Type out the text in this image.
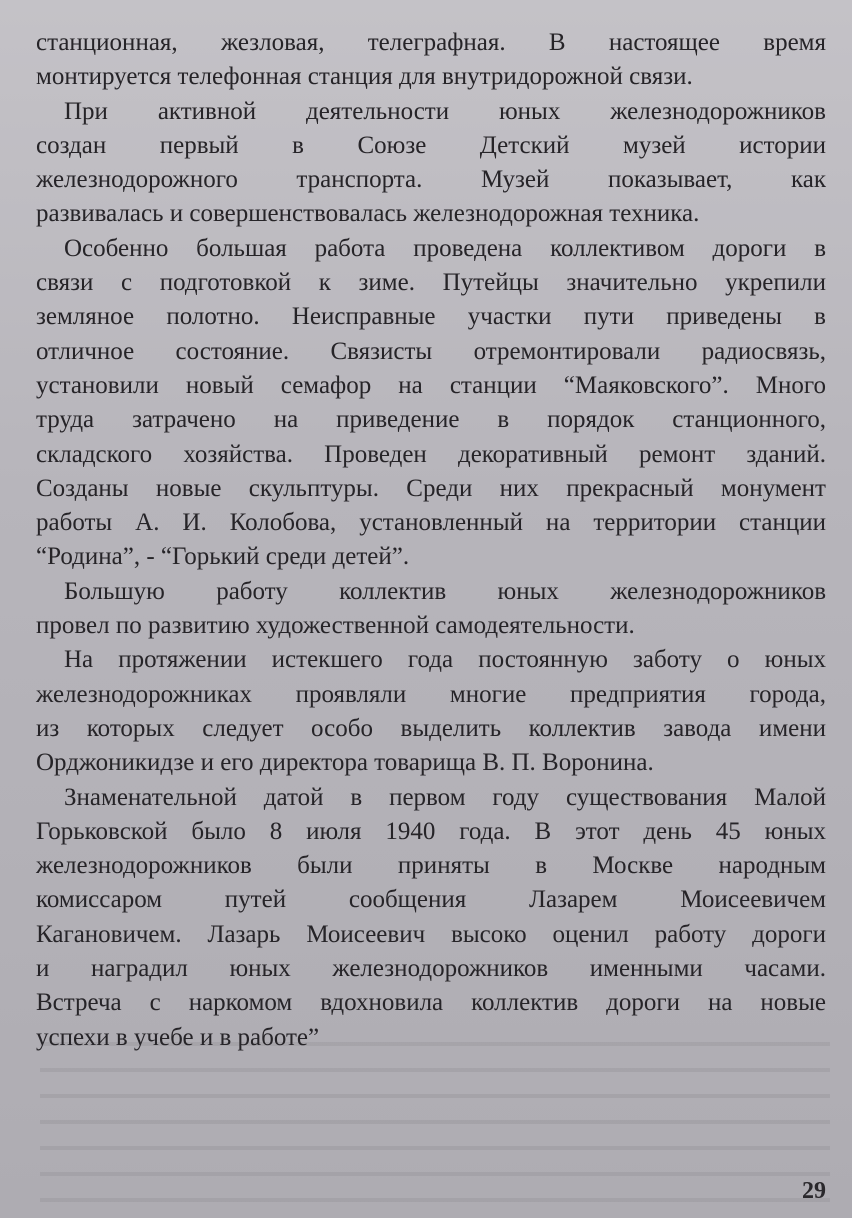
станционная, жезловая, телеграфная. В настоящее время
монтируется телефонная станция для внутридорожной связи.
При активной деятельности юных железнодорожников
создан первый в Союзе Детский музей истории
железнодорожного транспорта. Музей показывает, как
развивалась и совершенствовалась железнодорожная техника.
Особенно большая работа проведена коллективом дороги в
связи с подготовкой к зиме. Путейцы значительно укрепили
земляное полотно. Неисправные участки пути приведены в
отличное состояние. Связисты отремонтировали радиосвязь,
установили новый семафор на станции “Маяковского”. Много
труда затрачено на приведение в порядок станционного,
складского хозяйства. Проведен декоративный ремонт зданий.
Созданы новые скульптуры. Среди них прекрасный монумент
работы А. И. Колобова, установленный на территории станции
“Родина”, - “Горький среди детей”.
Большую работу коллектив юных железнодорожников
провел по развитию художественной самодеятельности.
На протяжении истекшего года постоянную заботу о юных
железнодорожниках проявляли многие предприятия города,
из которых следует особо выделить коллектив завода имени
Орджоникидзе и его директора товарища В. П. Воронина.
Знаменательной датой в первом году существования Малой
Горьковской было 8 июля 1940 года. В этот день 45 юных
железнодорожников были приняты в Москве народным
комиссаром путей сообщения Лазарем Моисеевичем
Кагановичем. Лазарь Моисеевич высоко оценил работу дороги
и наградил юных железнодорожников именными часами.
Встреча с наркомом вдохновила коллектив дороги на новые
успехи в учебе и в работе”
29
